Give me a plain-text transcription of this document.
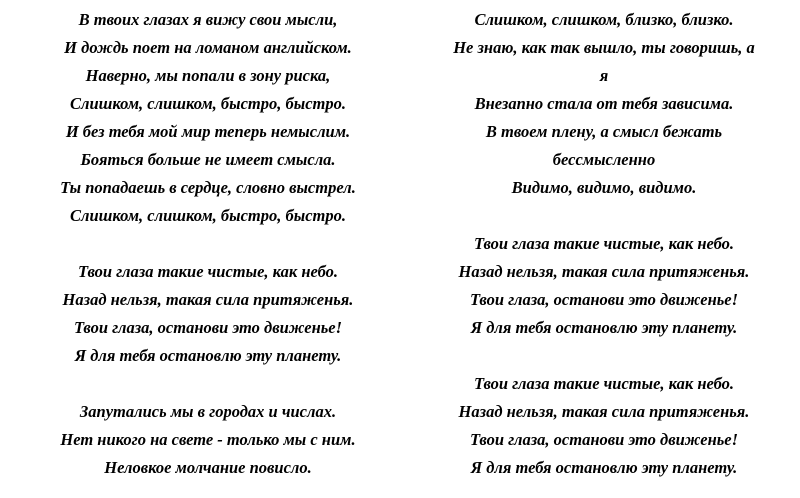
В твоих глазах я вижу свои мысли,
И дождь поет на ломаном английском.
Наверно, мы попали в зону риска,
Слишком, слишком, быстро, быстро.
И без тебя мой мир теперь немыслим.
Бояться больше не имеет смысла.
Ты попадаешь в сердце, словно выстрел.
Слишком, слишком, быстро, быстро.
Твои глаза такие чистые, как небо.
Назад нельзя, такая сила притяженья.
Твои глаза, останови это движенье!
Я для тебя остановлю эту планету.
Запутались мы в городах и числах.
Нет никого на свете - только мы с ним.
Неловкое молчание повисло.
Слишком, слишком, близко, близко.
Не знаю, как так вышло, ты говоришь, а
я
Внезапно стала от тебя зависима.
В твоем плену, а смысл бежать
бессмысленно
Видимо, видимо, видимо.
Твои глаза такие чистые, как небо.
Назад нельзя, такая сила притяженья.
Твои глаза, останови это движенье!
Я для тебя остановлю эту планету.
Твои глаза такие чистые, как небо.
Назад нельзя, такая сила притяженья.
Твои глаза, останови это движенье!
Я для тебя остановлю эту планету.
